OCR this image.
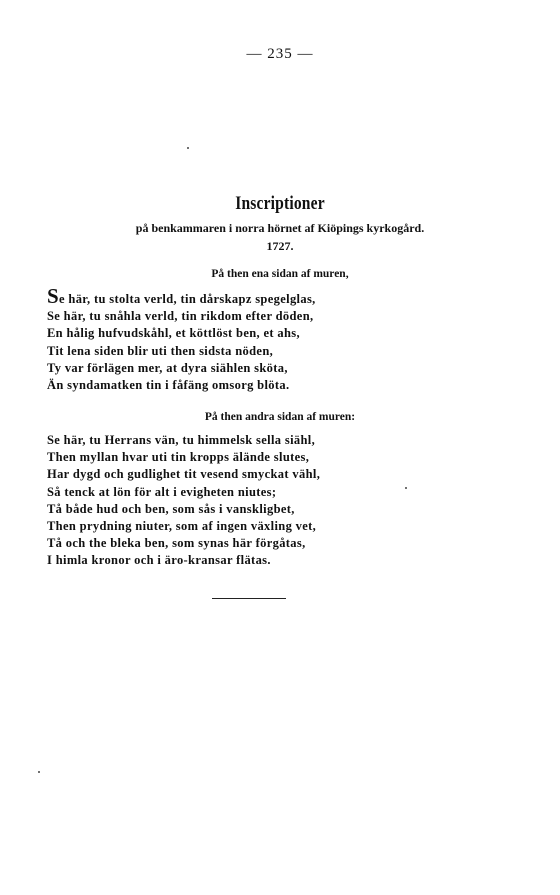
— 235 —
Inscriptioner
på benkammaren i norra hörnet af Kiöpings kyrkogård.
1727.
På then ena sidan af muren,
Se här, tu stolta verld, tin dårskapz spegelglas,
Se här, tu snåhla verld, tin rikdom efter döden,
En hålig hufvudskåhl, et köttlöst ben, et ahs,
Tit lena siden blir uti then sidsta nöden,
Ty var förlägen mer, at dyra siählen sköta,
Än syndamatken tin i fåfäng omsorg blöta.
På then andra sidan af muren:
Se här, tu Herrans vän, tu himmelsk sella siähl,
Then myllan hvar uti tin kropps älände slutes,
Har dygd och gudlighet tit vesend smyckat vähl,
Så tenck at lön för alt i evigheten niutes;
Tå både hud och ben, som sås i vanskligbet,
Then prydning niuter, som af ingen växling vet,
Tå och the bleka ben, som synas här förgåtas,
I himla kronor och i äro-kransar flätas.
